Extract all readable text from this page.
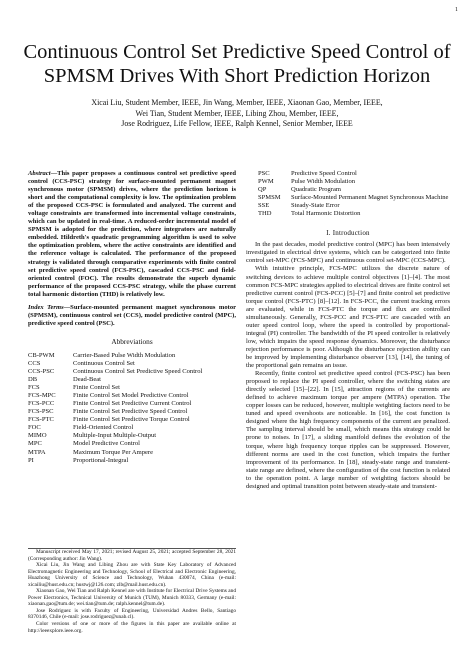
1
Continuous Control Set Predictive Speed Control of SPMSM Drives With Short Prediction Horizon
Xicai Liu, Student Member, IEEE, Jin Wang, Member, IEEE, Xiaonan Gao, Member, IEEE,
Wei Tian, Student Member, IEEE, Libing Zhou, Member, IEEE,
Jose Rodriguez, Life Fellow, IEEE, Ralph Kennel, Senior Member, IEEE

Abstract—This paper proposes a continuous control set predictive speed control (CCS-PSC) strategy for surface-mounted permanent magnet synchronous motor (SPMSM) drives, where the prediction horizon is short and the computational complexity is low. The optimization problem of the proposed CCS-PSC is formulated and analyzed. The current and voltage constraints are transformed into incremental voltage constraints, which can be updated in real-time. A reduced-order incremental model of SPMSM is adopted for the prediction, where integrators are naturally embedded. Hildreth's quadratic programming algorithm is used to solve the optimization problem, where the active constraints are identified and the reference voltage is calculated. The performance of the proposed strategy is validated through comparative experiments with finite control set predictive speed control (FCS-PSC), cascaded CCS-PSC and field-oriented control (FOC). The results demonstrate the superb dynamic performance of the proposed CCS-PSC strategy, while the phase current total harmonic distortion (THD) is relatively low.

Index Terms—Surface-mounted permanent magnet synchronous motor (SPMSM), continuous control set (CCS), model predictive control (MPC), predictive speed control (PSC).

Abbreviations
CB-PWM	Carrier-Based Pulse Width Modulation
CCS	Continuous Control Set
CCS-PSC	Continuous Control Set Predictive Speed Control
DB	Dead-Beat
FCS	Finite Control Set
FCS-MPC	Finite Control Set Model Predictive Control
FCS-PCC	Finite Control Set Predictive Current Control
FCS-PSC	Finite Control Set Predictive Speed Control
FCS-PTC	Finite Control Set Predictive Torque Control
FOC	Field-Oriented Control
MIMO	Multiple-Input Multiple-Output
MPC	Model Predictive Control
MTPA	Maximum Torque Per Ampere
PI	Proportional-Integral

Manuscript received May 17, 2021; revised August 25, 2021; accepted September 28, 2021 (Corresponding author: Jin Wang).

Xicai Liu, Jin Wang and Libing Zhou are with State Key Laboratory of Advanced Electromagnetic Engineering and Technology, School of Electrical and Electronic Engineering, Huazhong University of Science and Technology, Wuhan 430074, China (e-mail: xicailiu@hust.edu.cn; hustwj@126.com; zlb@mail.hust.edu.cn).

Xiaonan Gao, Wei Tian and Ralph Kennel are with Institute for Electrical Drive Systems and Power Electronics, Technical University of Munich (TUM), Munich 80333, Germany (e-mail: xiaonan.gao@tum.de; wei.tian@tum.de; ralph.kennel@tum.de).

Jose Rodriguez is with Faculty of Engineering, Universidad Andres Bello, Santiago 8370146, Chile (e-mail: jose.rodriguez@unab.cl).

Color versions of one or more of the figures in this paper are available online at http://ieeexplore.ieee.org.

PSC	Predictive Speed Control
PWM	Pulse Width Modulation
QP	Quadratic Program
SPMSM	Surface-Mounted Permanent Magnet Synchronous Machine
SSE	Steady-State Error
THD	Total Harmonic Distortion
I. Introduction

In the past decades, model predictive control (MPC) has been intensively investigated in electrical drive systems, which can be categorized into finite control set-MPC (FCS-MPC) and continuous control set-MPC (CCS-MPC).

With intuitive principle, FCS-MPC utilizes the discrete nature of switching devices to achieve multiple control objectives [1]–[4]. The most common FCS-MPC strategies applied to electrical drives are finite control set predictive current control (FCS-PCC) [5]–[7] and finite control set predictive torque control (FCS-PTC) [8]–[12]. In FCS-PCC, the current tracking errors are evaluated, while in FCS-PTC the torque and flux are controlled simultaneously. Generally, FCS-PCC and FCS-PTC are cascaded with an outer speed control loop, where the speed is controlled by proportional-integral (PI) controller. The bandwidth of the PI speed controller is relatively low, which impairs the speed response dynamics. Moreover, the disturbance rejection performance is poor. Although the disturbance rejection ability can be improved by implementing disturbance observer [13], [14], the tuning of the proportional gain remains an issue.

Recently, finite control set predictive speed control (FCS-PSC) has been proposed to replace the PI speed controller, where the switching states are directly selected [15]–[22]. In [15], attraction regions of the currents are defined to achieve maximum torque per ampere (MTPA) operation. The copper losses can be reduced, however, multiple weighting factors need to be tuned and speed overshoots are noticeable. In [16], the cost function is designed where the high frequency components of the current are penalized. The sampling interval should be small, which means this strategy could be prone to noises. In [17], a sliding manifold defines the evolution of the torque, where high frequency torque ripples can be suppressed. However, different norms are used in the cost function, which impairs the further improvement of its performance. In [18], steady-state range and transient-state range are defined, where the configuration of the cost function is related to the operation point. A large number of weighting factors should be designed and optimal transition point between steady-state and transient-
